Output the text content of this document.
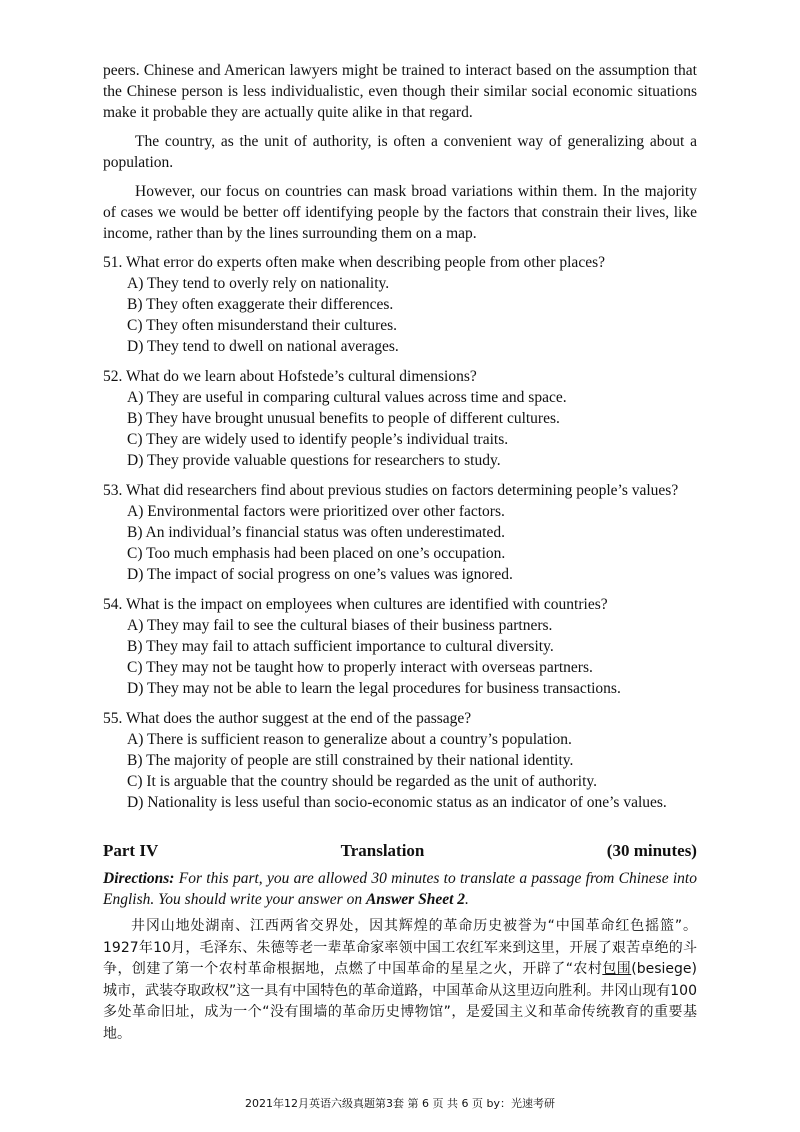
peers. Chinese and American lawyers might be trained to interact based on the assumption that the Chinese person is less individualistic, even though their similar social economic situations make it probable they are actually quite alike in that regard.

The country, as the unit of authority, is often a convenient way of generalizing about a population.

However, our focus on countries can mask broad variations within them. In the majority of cases we would be better off identifying people by the factors that constrain their lives, like income, rather than by the lines surrounding them on a map.

51. What error do experts often make when describing people from other places?
A) They tend to overly rely on nationality.
B) They often exaggerate their differences.
C) They often misunderstand their cultures.
D) They tend to dwell on national averages.
52. What do we learn about Hofstede’s cultural dimensions?
A) They are useful in comparing cultural values across time and space.
B) They have brought unusual benefits to people of different cultures.
C) They are widely used to identify people’s individual traits.
D) They provide valuable questions for researchers to study.
53. What did researchers find about previous studies on factors determining people’s values?
A) Environmental factors were prioritized over other factors.
B) An individual’s financial status was often underestimated.
C) Too much emphasis had been placed on one’s occupation.
D) The impact of social progress on one’s values was ignored.
54. What is the impact on employees when cultures are identified with countries?
A) They may fail to see the cultural biases of their business partners.
B) They may fail to attach sufficient importance to cultural diversity.
C) They may not be taught how to properly interact with overseas partners.
D) They may not be able to learn the legal procedures for business transactions.
55. What does the author suggest at the end of the passage?
A) There is sufficient reason to generalize about a country’s population.
B) The majority of people are still constrained by their national identity.
C) It is arguable that the country should be regarded as the unit of authority.
D) Nationality is less useful than socio-economic status as an indicator of one’s values.
Part IV	Translation	(30 minutes)
Directions: For this part, you are allowed 30 minutes to translate a passage from Chinese into English. You should write your answer on Answer Sheet 2.
井冈山地处湖南、江西两省交界处，因其辉煌的革命历史被誉为“中国革命红色摇篮”。1927年10月，毛泽东、朱德等老一辈革命家率领中国工农红军来到这里，开展了艰苦卓绝的斗争，创建了第一个农村革命根据地，点燃了中国革命的星星之火，开辟了“农村包围(besiege) 城市，武装夺取政权”这一具有中国特色的革命道路，中国革命从这里迈向胜利。井冈山现有100多处革命旧址，成为一个“没有围墙的革命历史博物馆”，是爱国主义和革命传统教育的重要基地。
2021年12月英语六级真题第3套 第 6 页 共 6 页 by：光速考研
